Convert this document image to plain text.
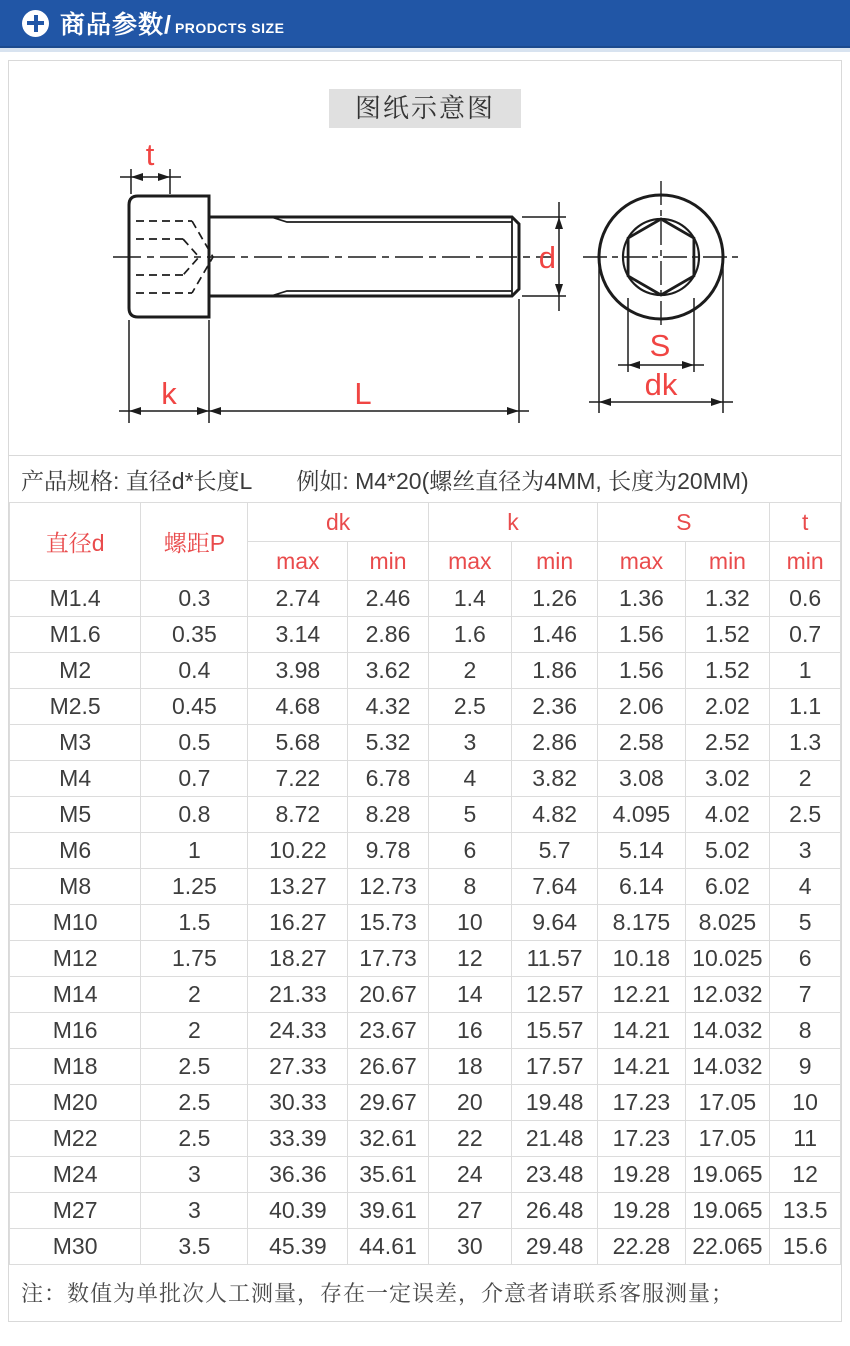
商品参数/ PRODCTS SIZE
t
k	L
d
S
dk
图纸示意图
产品规格: 直径d*长度L 例如: M4*20(螺丝直径为4MM, 长度为20MM)
直径d	螺距P	dk		k		S		t
		max	min	max	min	max	min	min
M1.4	0.3	2.74	2.46	1.4	1.26	1.36	1.32	0.6
M1.6	0.35	3.14	2.86	1.6	1.46	1.56	1.52	0.7
M2	0.4	3.98	3.62	2	1.86	1.56	1.52	1
M2.5	0.45	4.68	4.32	2.5	2.36	2.06	2.02	1.1
M3	0.5	5.68	5.32	3	2.86	2.58	2.52	1.3
M4	0.7	7.22	6.78	4	3.82	3.08	3.02	2
M5	0.8	8.72	8.28	5	4.82	4.095	4.02	2.5
M6	1	10.22	9.78	6	5.7	5.14	5.02	3
M8	1.25	13.27	12.73	8	7.64	6.14	6.02	4
M10	1.5	16.27	15.73	10	9.64	8.175	8.025	5
M12	1.75	18.27	17.73	12	11.57	10.18	10.025	6
M14	2	21.33	20.67	14	12.57	12.21	12.032	7
M16	2	24.33	23.67	16	15.57	14.21	14.032	8
M18	2.5	27.33	26.67	18	17.57	14.21	14.032	9
M20	2.5	30.33	29.67	20	19.48	17.23	17.05	10
M22	2.5	33.39	32.61	22	21.48	17.23	17.05	11
M24	3	36.36	35.61	24	23.48	19.28	19.065	12
M27	3	40.39	39.61	27	26.48	19.28	19.065	13.5
M30	3.5	45.39	44.61	30	29.48	22.28	22.065	15.6
注：数值为单批次人工测量，存在一定误差，介意者请联系客服测量；
